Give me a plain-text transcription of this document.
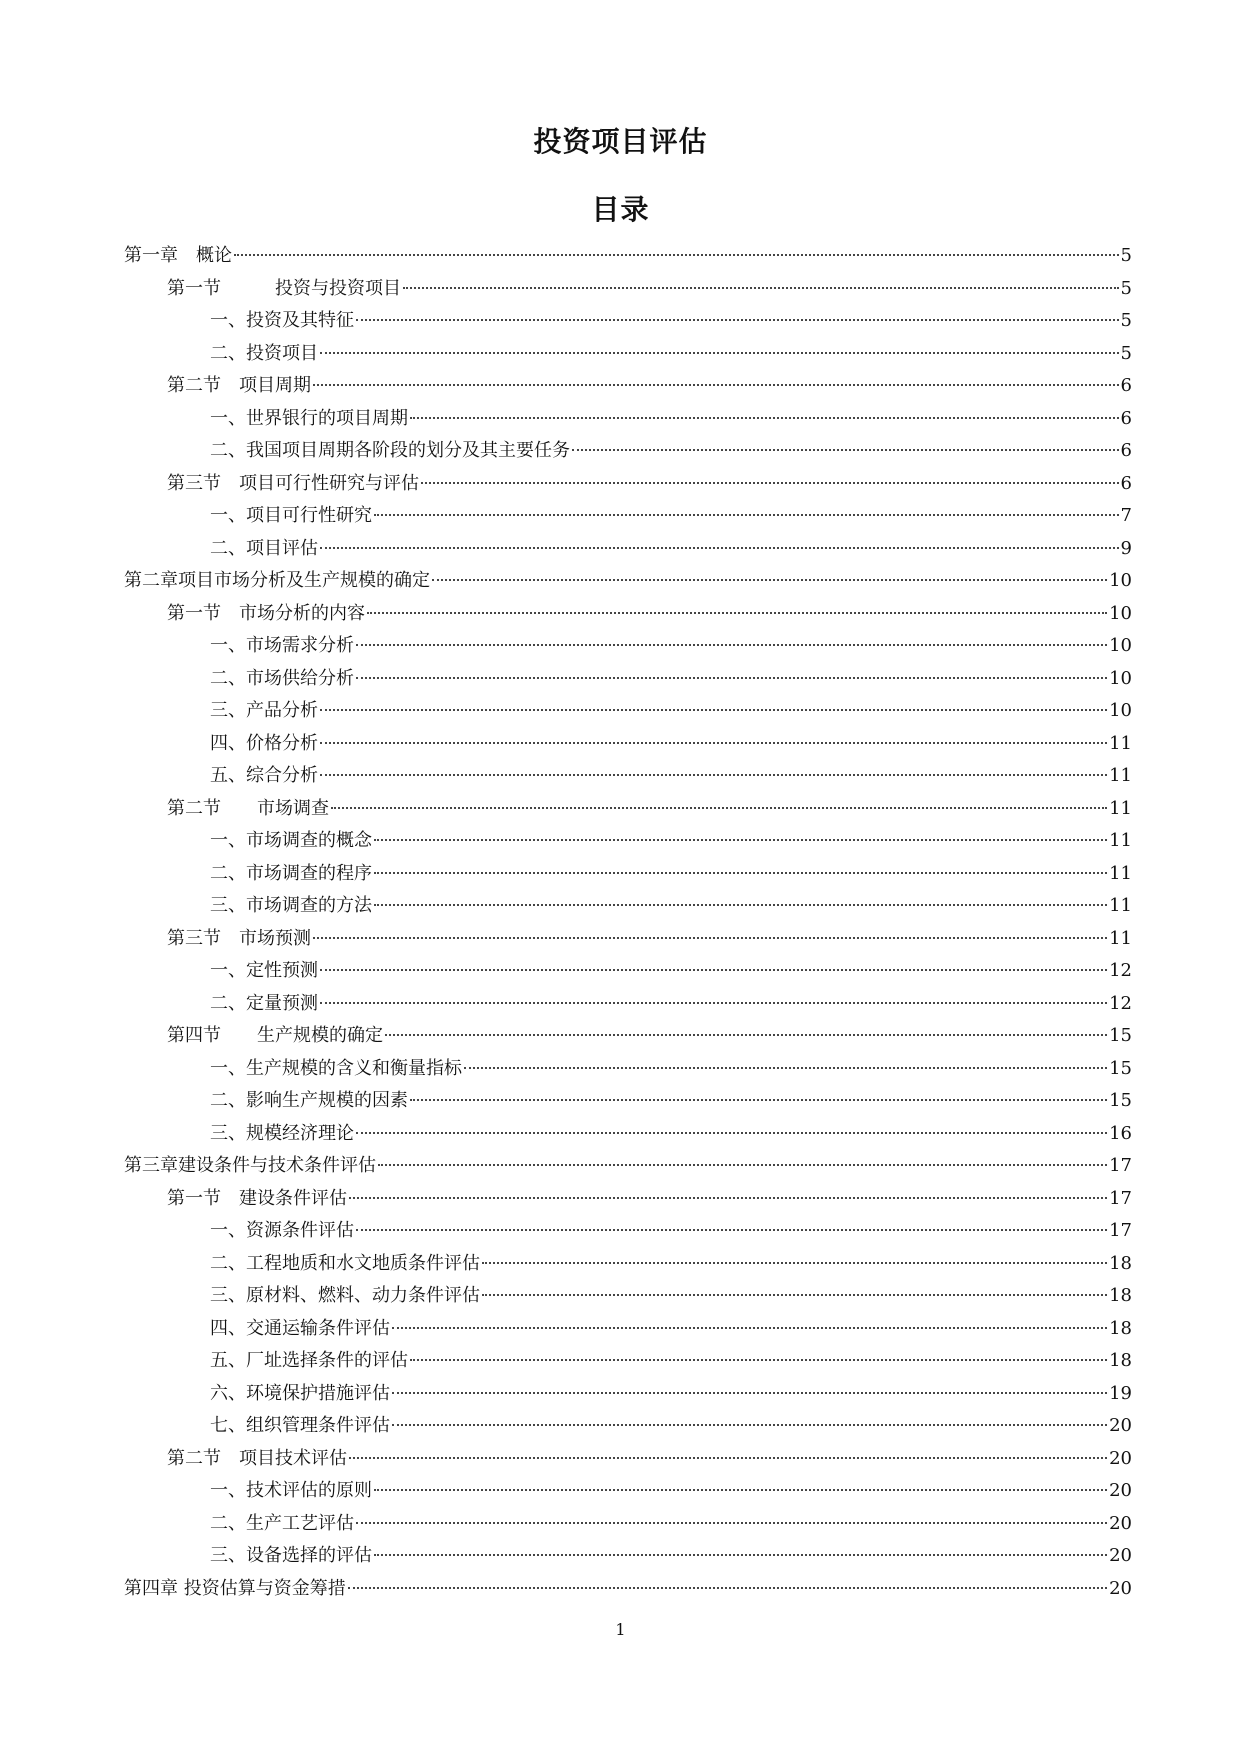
投资项目评估
目录
第一章　概论	5
第一节　　　投资与投资项目	5
一、投资及其特征	5
二、投资项目	5
第二节　项目周期	6
一、世界银行的项目周期	6
二、我国项目周期各阶段的划分及其主要任务	6
第三节　项目可行性研究与评估	6
一、项目可行性研究	7
二、项目评估	9
第二章项目市场分析及生产规模的确定	10
第一节　市场分析的内容	10
一、市场需求分析	10
二、市场供给分析	10
三、产品分析	10
四、价格分析	11
五、综合分析	11
第二节　　市场调查	11
一、市场调查的概念	11
二、市场调查的程序	11
三、市场调查的方法	11
第三节　市场预测	11
一、定性预测	12
二、定量预测	12
第四节　　生产规模的确定	15
一、生产规模的含义和衡量指标	15
二、影响生产规模的因素	15
三、规模经济理论	16
第三章建设条件与技术条件评估	17
第一节　建设条件评估	17
一、资源条件评估	17
二、工程地质和水文地质条件评估	18
三、原材料、燃料、动力条件评估	18
四、交通运输条件评估	18
五、厂址选择条件的评估	18
六、环境保护措施评估	19
七、组织管理条件评估	20
第二节　项目技术评估	20
一、技术评估的原则	20
二、生产工艺评估	20
三、设备选择的评估	20
第四章 投资估算与资金筹措	20
1
